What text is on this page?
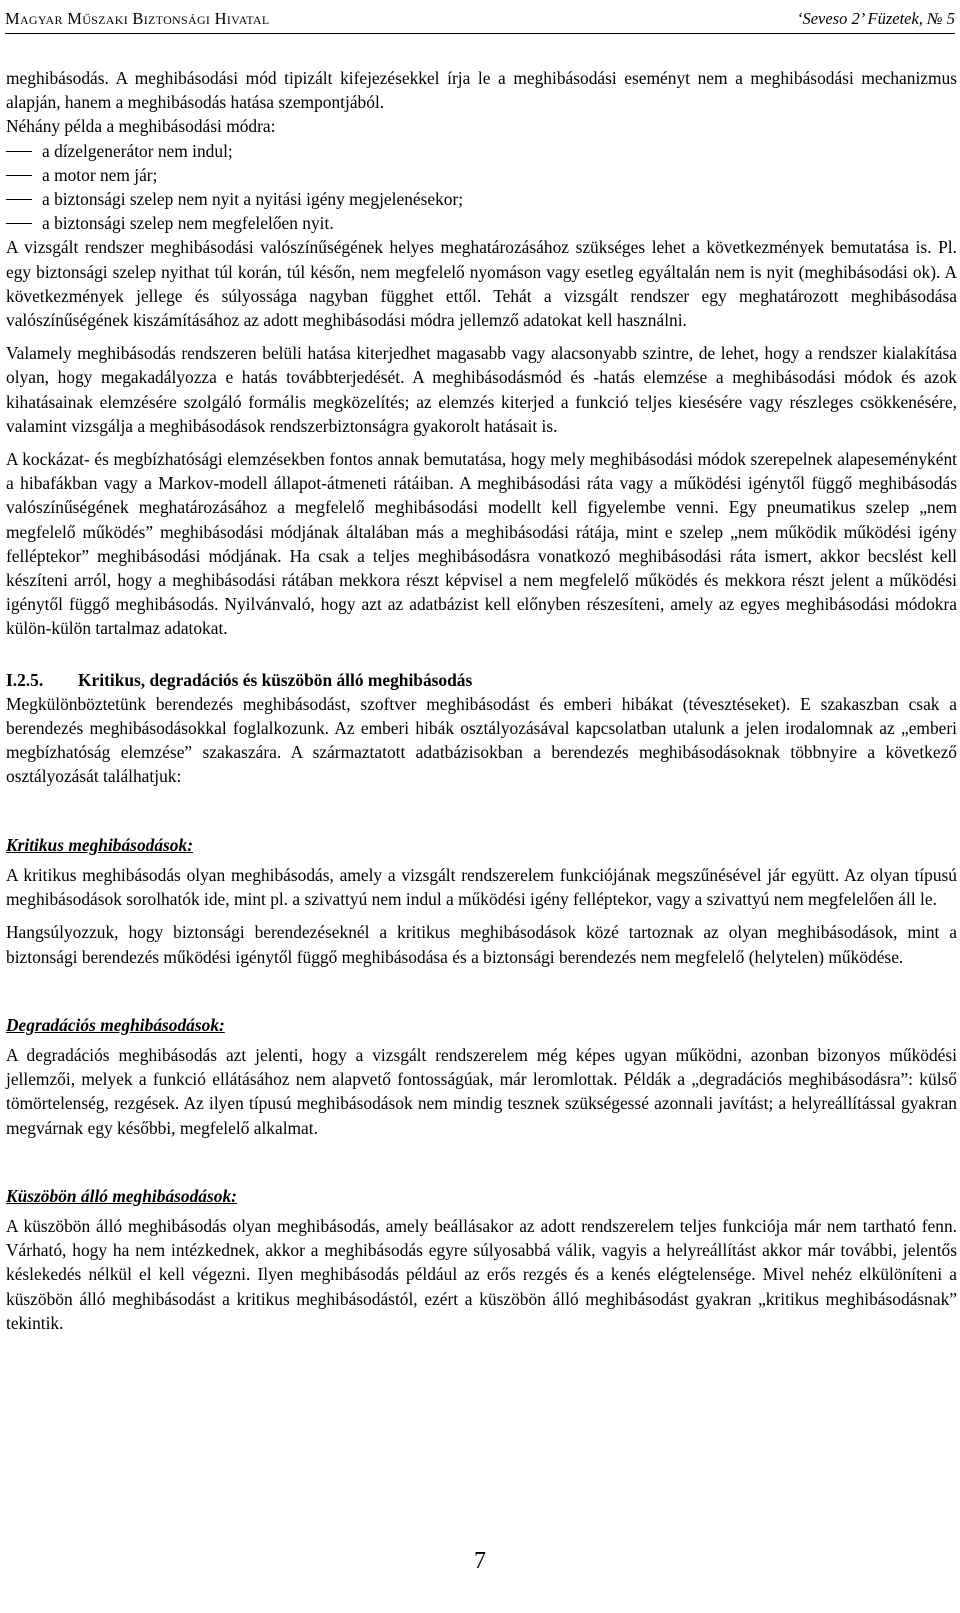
Magyar Műszaki Biztonsági Hivatal	‘Seveso 2’ Füzetek, № 5

meghibásodás. A meghibásodási mód tipizált kifejezésekkel írja le a meghibásodási eseményt nem a meghibásodási mechanizmus alapján, hanem a meghibásodás hatása szempontjából.

Néhány példa a meghibásodási módra:

a dízelgenerátor nem indul;
a motor nem jár;
a biztonsági szelep nem nyit a nyitási igény megjelenésekor;
a biztonsági szelep nem megfelelően nyit.

A vizsgált rendszer meghibásodási valószínűségének helyes meghatározásához szükséges lehet a következmények bemutatása is. Pl. egy biztonsági szelep nyithat túl korán, túl későn, nem megfelelő nyomáson vagy esetleg egyáltalán nem is nyit (meghibásodási ok). A következmények jellege és súlyossága nagyban függhet ettől. Tehát a vizsgált rendszer egy meghatározott meghibásodása valószínűségének kiszámításához az adott meghibásodási módra jellemző adatokat kell használni.

Valamely meghibásodás rendszeren belüli hatása kiterjedhet magasabb vagy alacsonyabb szintre, de lehet, hogy a rendszer kialakítása olyan, hogy megakadályozza e hatás továbbterjedését. A meghibásodásmód és -hatás elemzése a meghibásodási módok és azok kihatásainak elemzésére szolgáló formális megközelítés; az elemzés kiterjed a funkció teljes kiesésére vagy részleges csökkenésére, valamint vizsgálja a meghibásodások rendszerbiztonságra gyakorolt hatásait is.

A kockázat- és megbízhatósági elemzésekben fontos annak bemutatása, hogy mely meghibásodási módok szerepelnek alapeseményként a hibafákban vagy a Markov-modell állapot-átmeneti rátáiban. A meghibásodási ráta vagy a működési igénytől függő meghibásodás valószínűségének meghatározásához a megfelelő meghibásodási modellt kell figyelembe venni. Egy pneumatikus szelep „nem megfelelő működés” meghibásodási módjának általában más a meghibásodási rátája, mint e szelep „nem működik működési igény felléptekor” meghibásodási módjának. Ha csak a teljes meghibásodásra vonatkozó meghibásodási ráta ismert, akkor becslést kell készíteni arról, hogy a meghibásodási rátában mekkora részt képvisel a nem megfelelő működés és mekkora részt jelent a működési igénytől függő meghibásodás. Nyilvánvaló, hogy azt az adatbázist kell előnyben részesíteni, amely az egyes meghibásodási módokra külön-külön tartalmaz adatokat.

I.2.5.	Kritikus, degradációs és küszöbön álló meghibásodás

Megkülönböztetünk berendezés meghibásodást, szoftver meghibásodást és emberi hibákat (tévesztéseket). E szakaszban csak a berendezés meghibásodásokkal foglalkozunk. Az emberi hibák osztályozásával kapcsolatban utalunk a jelen irodalomnak az „emberi megbízhatóság elemzése” szakaszára. A származtatott adatbázisokban a berendezés meghibásodásoknak többnyire a következő osztályozását találhatjuk:

Kritikus meghibásodások:

A kritikus meghibásodás olyan meghibásodás, amely a vizsgált rendszerelem funkciójának megszűnésével jár együtt. Az olyan típusú meghibásodások sorolhatók ide, mint pl. a szivattyú nem indul a működési igény felléptekor, vagy a szivattyú nem megfelelően áll le.

Hangsúlyozzuk, hogy biztonsági berendezéseknél a kritikus meghibásodások közé tartoznak az olyan meghibásodások, mint a biztonsági berendezés működési igénytől függő meghibásodása és a biztonsági berendezés nem megfelelő (helytelen) működése.

Degradációs meghibásodások:

A degradációs meghibásodás azt jelenti, hogy a vizsgált rendszerelem még képes ugyan működni, azonban bizonyos működési jellemzői, melyek a funkció ellátásához nem alapvető fontosságúak, már leromlottak. Példák a „degradációs meghibásodásra”: külső tömörtelenség, rezgések. Az ilyen típusú meghibásodások nem mindig tesznek szükségessé azonnali javítást; a helyreállítással gyakran megvárnak egy későbbi, megfelelő alkalmat.

Küszöbön álló meghibásodások:

A küszöbön álló meghibásodás olyan meghibásodás, amely beállásakor az adott rendszerelem teljes funkciója már nem tartható fenn. Várható, hogy ha nem intézkednek, akkor a meghibásodás egyre súlyosabbá válik, vagyis a helyreállítást akkor már további, jelentős késlekedés nélkül el kell végezni. Ilyen meghibásodás például az erős rezgés és a kenés elégtelensége. Mivel nehéz elkülöníteni a küszöbön álló meghibásodást a kritikus meghibásodástól, ezért a küszöbön álló meghibásodást gyakran „kritikus meghibásodásnak” tekintik.

7
